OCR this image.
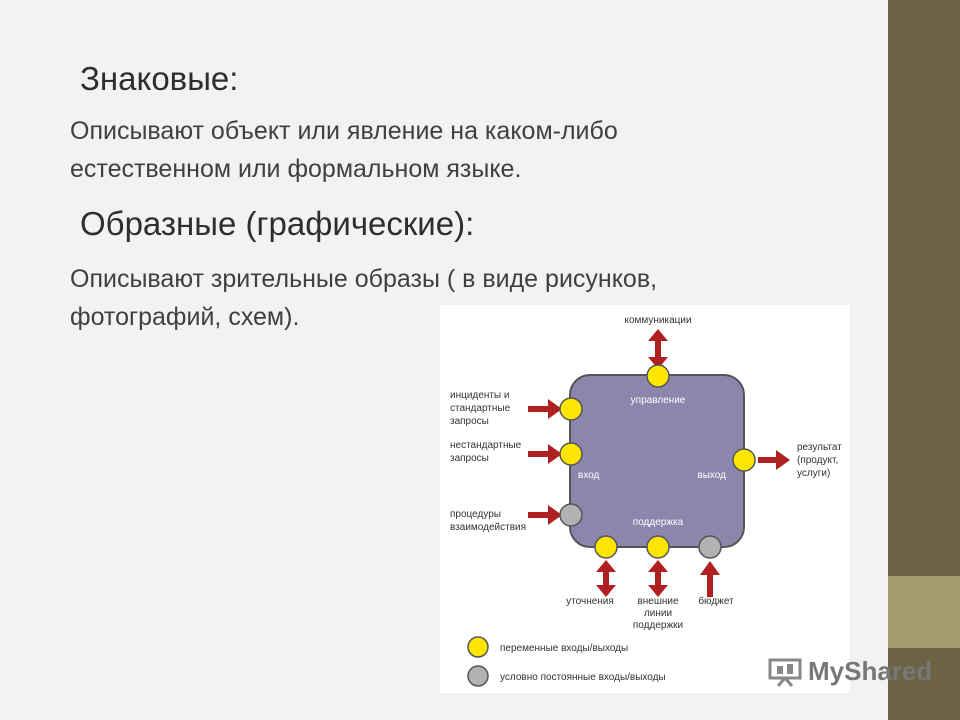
Знаковые:
Описывают объект или явление на каком-либо
естественном или формальном языке.
Образные (графические):
Описывают зрительные образы ( в виде рисунков,
фотографий, схем).	коммуникации
управление
вход	выход
поддержка
инциденты и
стандартные
запросы
нестандартные
запросы
процедуры
взаимодействия
результат
(продукт,
услуги)
уточнения внешние
линии
поддержки
бюджет
переменные входы/выходы
условно постоянные входы/выходы	MyShared
